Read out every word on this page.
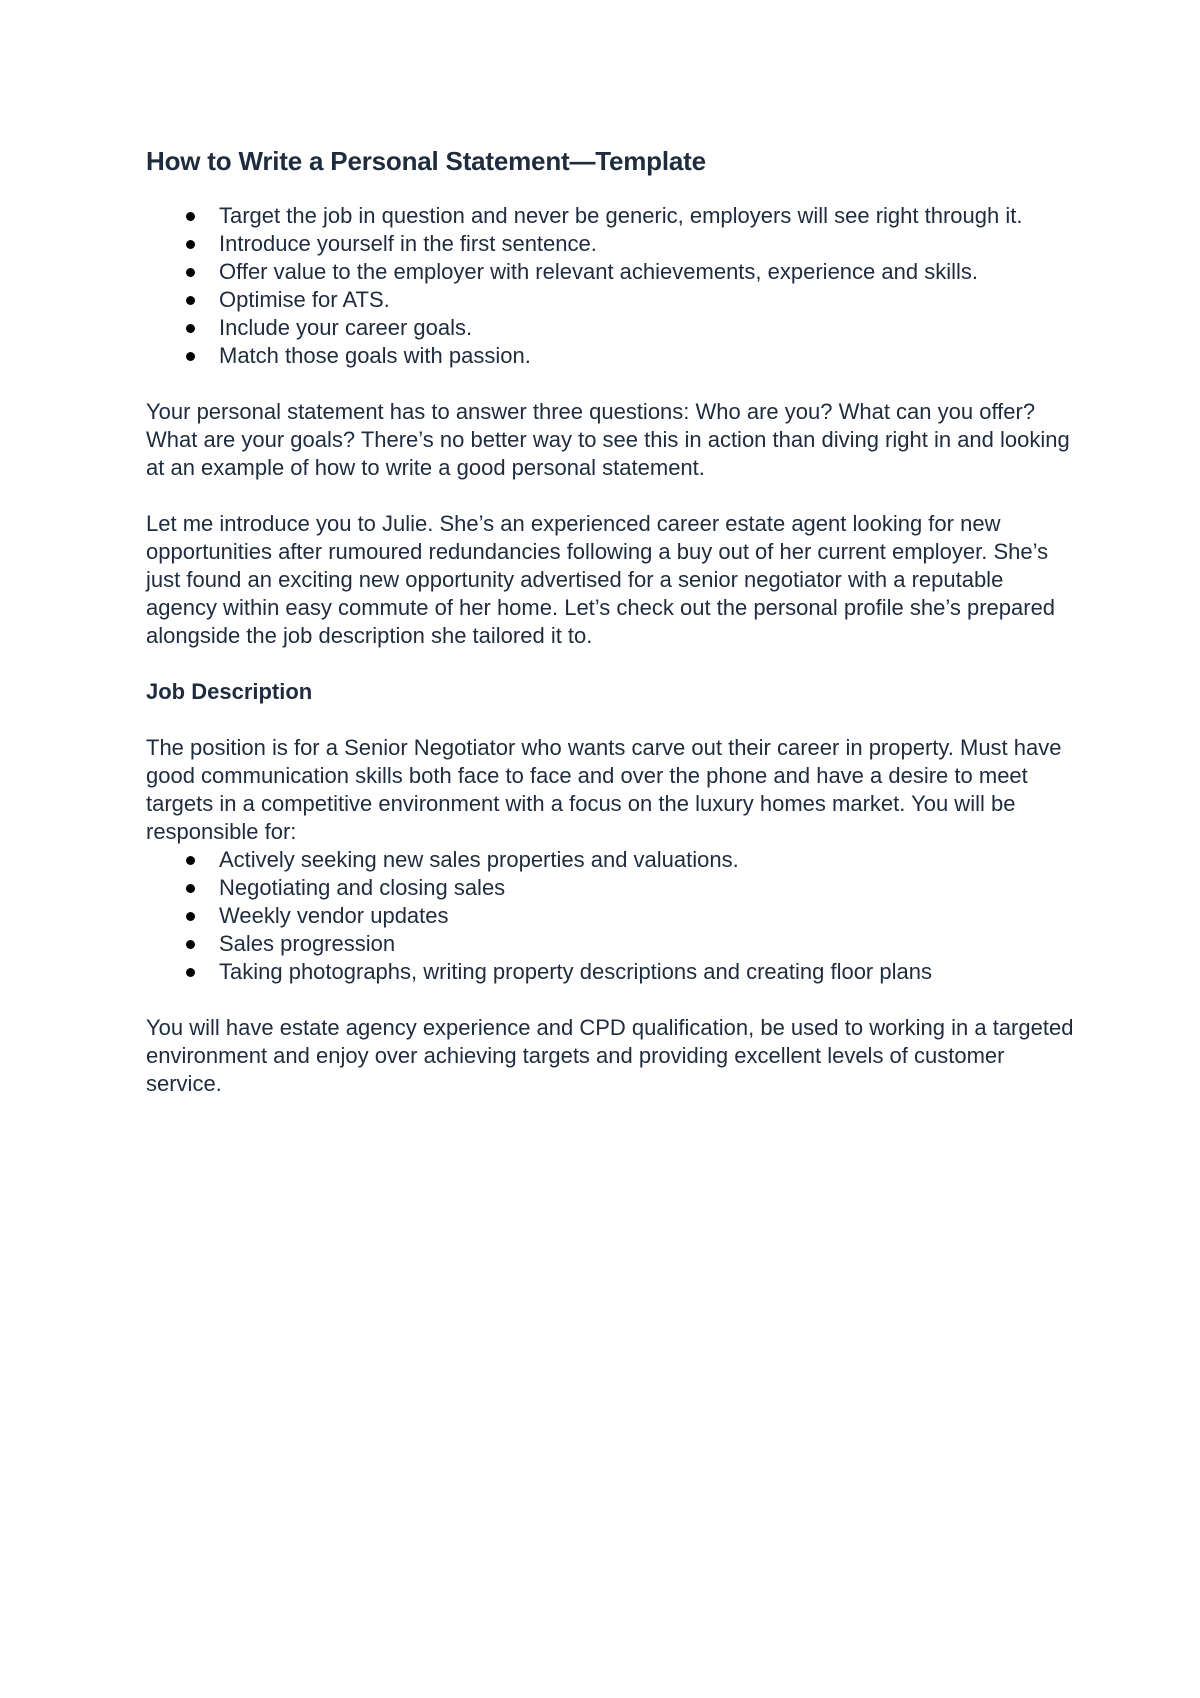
How to Write a Personal Statement—Template
Target the job in question and never be generic, employers will see right through it.
Introduce yourself in the first sentence.
Offer value to the employer with relevant achievements, experience and skills.
Optimise for ATS.
Include your career goals.
Match those goals with passion.

Your personal statement has to answer three questions: Who are you? What can you offer? What are your goals? There’s no better way to see this in action than diving right in and looking at an example of how to write a good personal statement.

Let me introduce you to Julie. She’s an experienced career estate agent looking for new opportunities after rumoured redundancies following a buy out of her current employer. She’s just found an exciting new opportunity advertised for a senior negotiator with a reputable agency within easy commute of her home. Let’s check out the personal profile she’s prepared alongside the job description she tailored it to.

Job Description

The position is for a Senior Negotiator who wants carve out their career in property. Must have good communication skills both face to face and over the phone and have a desire to meet targets in a competitive environment with a focus on the luxury homes market. You will be responsible for:

Actively seeking new sales properties and valuations.
Negotiating and closing sales
Weekly vendor updates
Sales progression
Taking photographs, writing property descriptions and creating floor plans

You will have estate agency experience and CPD qualification, be used to working in a targeted environment and enjoy over achieving targets and providing excellent levels of customer service.
